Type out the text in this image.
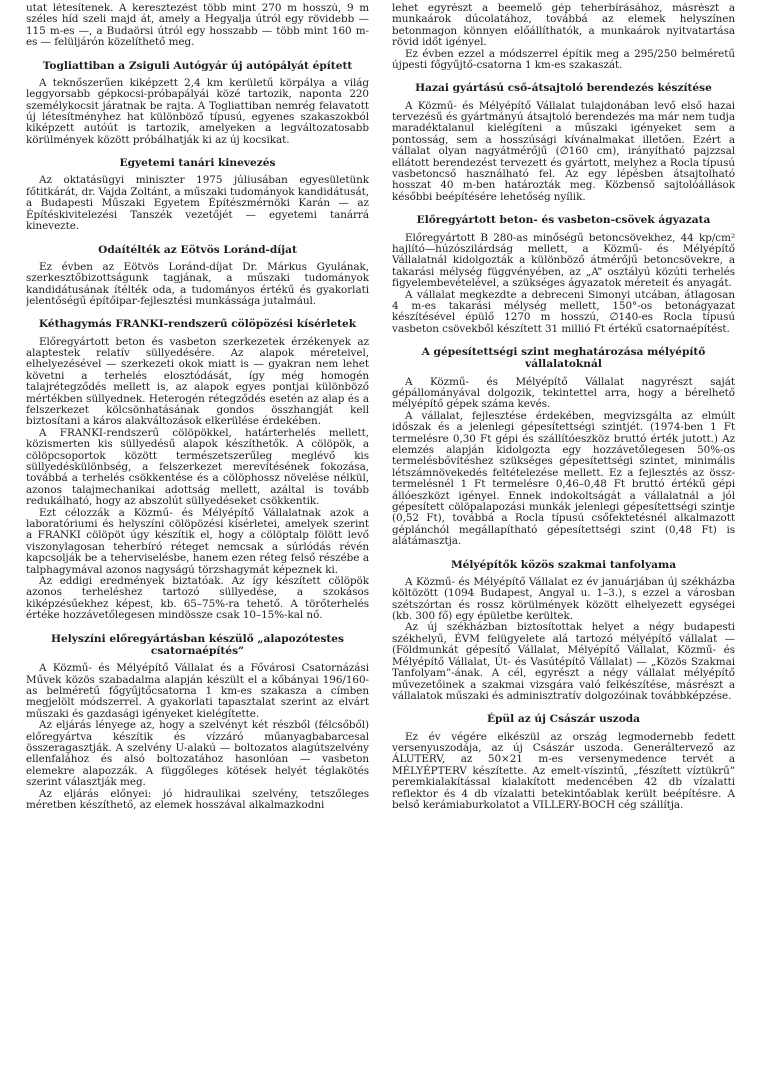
utat létesítenek. A keresztezést több mint 270 m hosszú, 9 m széles híd szeli majd át, amely a Hegyalja útról egy rövidebb — 115 m-es —, a Budaörsi útról egy hosszabb — több mint 160 m-es — felüljárón közelíthető meg.

Togliattiban a Zsiguli Autógyár új autópályát épített

A teknőszerűen kiképzett 2,4 km kerületű körpálya a világ leggyorsabb gépkocsi-próbapályái közé tartozik, naponta 220 személykocsit járatnak be rajta. A Togliattiban nemrég felavatott új létesítményhez hat különböző típusú, egyenes szakaszokból kiképzett autóút is tartozik, amelyeken a legváltozatosabb körülmények között próbálhatják ki az új kocsikat.

Egyetemi tanári kinevezés

Az oktatásügyi miniszter 1975 júliusában egyesületünk főtitkárát, dr. Vajda Zoltánt, a műszaki tudományok kandidátusát, a Budapesti Műszaki Egyetem Építészmérnöki Karán — az Építéskivitelezési Tanszék vezetőjét — egyetemi tanárrá kinevezte.

Odaítélték az Eötvös Loránd-díjat

Ez évben az Eötvös Loránd-díjat Dr. Márkus Gyulának, szerkesztőbizottságunk tagjának, a műszaki tudományok kandidátusának ítélték oda, a tudományos értékű és gyakorlati jelentőségű építőipar-fejlesztési munkássága jutalmául.

Kéthagymás FRANKI-rendszerű cölöpözési kísérletek

Előregyártott beton és vasbeton szerkezetek érzékenyek az alaptestek relatív süllyedésére. Az alapok méreteivel, elhelyezésével — szerkezeti okok miatt is — gyakran nem lehet követni a terhelés elosztódását, így még homogén talajrétegződés mellett is, az alapok egyes pontjai különböző mértékben süllyednek. Heterogén rétegződés esetén az alap és a felszerkezet kölcsönhatásának gondos összhangját kell biztosítani a káros alakváltozások elkerülése érdekében.

A FRANKI-rendszerű cölöpökkel, határterhelés mellett, közismerten kis süllyedésű alapok készíthetők. A cölöpök, a cölöpcsoportok között természetszerűleg meglévő kis süllyedéskülönbség, a felszerkezet merevítésének fokozása, továbbá a terhelés csökkentése és a cölöphossz növelése nélkül, azonos talajmechanikai adottság mellett, azáltal is tovább redukálható, hogy az abszolút süllyedéseket csökkentik.

Ezt célozzák a Közmű- és Mélyépítő Vállalatnak azok a laboratóriumi és helyszíni cölöpözési kísérletei, amelyek szerint a FRANKI cölöpöt úgy készítik el, hogy a cölöptalp fölött levő viszonylagosan teherbíró réteget nemcsak a súrlódás révén kapcsolják be a teherviselésbe, hanem ezen réteg felső részébe a talphagymával azonos nagyságú törzshagymát képeznek ki.

Az eddigi eredmények biztatóak. Az így készített cölöpök azonos terheléshez tartozó süllyedése, a szokásos kiképzésűekhez képest, kb. 65–75%-ra tehető. A törőterhelés értéke hozzávetőlegesen mindössze csak 10–15%-kal nő.

Helyszíni előregyártásban készülő „alapozótestes csatornaépítés”

A Közmű- és Mélyépítő Vállalat és a Fővárosi Csatornázási Művek közös szabadalma alapján készült el a kőbányai 196/160-as belméretű főgyűjtőcsatorna 1 km-es szakasza a címben megjelölt módszerrel. A gyakorlati tapasztalat szerint az elvárt műszaki és gazdasági igényeket kielégítette.

Az eljárás lényege az, hogy a szelvényt két részből (félcsőből) előregyártva készítik és vízzáró műanyagbabarcesal összeragasztják. A szelvény U-alakú — boltozatos alagútszelvény ellenfalához és alsó boltozatához hasonlóan — vasbeton elemekre alapozzák. A függőleges kötések helyét téglakötés szerint választják meg.

Az eljárás előnyei: jó hidraulikai szelvény, tetszőleges méretben készíthető, az elemek hosszával alkalmazkodni

lehet egyrészt a beemelő gép teherbírásához, másrészt a munkaárok dúcolatához, továbbá az elemek helyszínen betonmagon könnyen előállíthatók, a munkaárok nyitvatartása rövid időt igényel.

Ez évben ezzel a módszerrel építik meg a 295/250 belméretű újpesti főgyűjtő-csatorna 1 km-es szakaszát.

Hazai gyártású cső-átsajtoló berendezés készítése

A Közmű- és Mélyépítő Vállalat tulajdonában levő első hazai tervezésű és gyártmányú átsajtoló berendezés ma már nem tudja maradéktalanul kielégíteni a műszaki igényeket sem a pontosság, sem a hosszúsági kívánalmakat illetően. Ezért a vállalat olyan nagyátmérőjű (∅160 cm), irányítható pajzzsal ellátott berendezést tervezett és gyártott, melyhez a Rocla típusú vasbetoncső használható fel. Az egy lépésben átsajtolható hosszat 40 m-ben határozták meg. Közbenső sajtolóállások későbbi beépítésére lehetőség nyílik.

Előregyártott beton- és vasbeton-csövek ágyazata

Előregyártott B 280-as minőségű betoncsövekhez, 44 kp/cm² hajlító—húzószilárdság mellett, a Közmű- és Mélyépítő Vállalatnál kidolgozták a különböző átmérőjű betoncsövekre, a takarási mélység függvényében, az „A” osztályú közúti terhelés figyelembevételével, a szükséges ágyazatok méreteit és anyagát.

A vállalat megkezdte a debreceni Simonyi utcában, átlagosan 4 m-es takarási mélység mellett, 150°-os betonágyazat készítésével épülő 1270 m hosszú, ∅140-es Rocla típusú vasbeton csövekből készített 31 millió Ft értékű csatornaépítést.

A gépesítettségi szint meghatározása mélyépítő vállalatoknál

A Közmű- és Mélyépítő Vállalat nagyrészt saját gépállományával dolgozik, tekintettel arra, hogy a bérelhető mélyépítő gépek száma kevés.

A vállalat, fejlesztése érdekében, megvizsgálta az elmúlt időszak és a jelenlegi gépesítettségi szintjét. (1974-ben 1 Ft termelésre 0,30 Ft gépi és szállítóeszköz bruttó érték jutott.) Az elemzés alapján kidolgozta egy hozzávetőlegesen 50%-os termelésbővítéshez szükséges gépesítettségi szintet, minimális létszámnövekedés feltételezése mellett. Ez a fejlesztés az össz-termelésnél 1 Ft termelésre 0,46–0,48 Ft bruttó értékű gépi állóeszközt igényel. Ennek indokoltságát a vállalatnál a jól gépesített cölöpalapozási munkák jelenlegi gépesítettségi szintje (0,52 Ft), továbbá a Rocla típusú csőfektetésnél alkalmazott géplánchól megállapítható gépesítettségi szint (0,48 Ft) is alátámasztja.

Mélyépítők közös szakmai tanfolyama

A Közmű- és Mélyépítő Vállalat ez év januárjában új székházba költözött (1094 Budapest, Angyal u. 1–3.), s ezzel a városban szétszórtan és rossz körülmények között elhelyezett egységei (kb. 300 fő) egy épületbe kerültek.

Az új székházban biztosítottak helyet a négy budapesti székhelyű, ÉVM felügyelete alá tartozó mélyépítő vállalat — (Földmunkát gépesítő Vállalat, Mélyépítő Vállalat, Közmű- és Mélyépítő Vállalat, Út- és Vasútépítő Vállalat) — „Közös Szakmai Tanfolyam”-ának. A cél, egyrészt a négy vállalat mélyépítő művezetőinek a szakmai vizsgára való felkészítése, másrészt a vállalatok műszaki és adminisztratív dolgozóinak továbbképzése.

Épül az új Császár uszoda

Ez év végére elkészül az ország legmodernebb fedett versenyuszodája, az új Császár uszoda. Generáltervező az ÁLUTERV, az 50×21 m-es versenymedence tervét a MÉLYÉPTERV készítette. Az emelt-víszintű, „fészített víztükrű” peremkialakítással kialakított medencében 42 db vízalatti reflektor és 4 db vízalatti betekintőablak került beépítésre. A belső kerámiaburkolatot a VILLERY-BOCH cég szállítja.
